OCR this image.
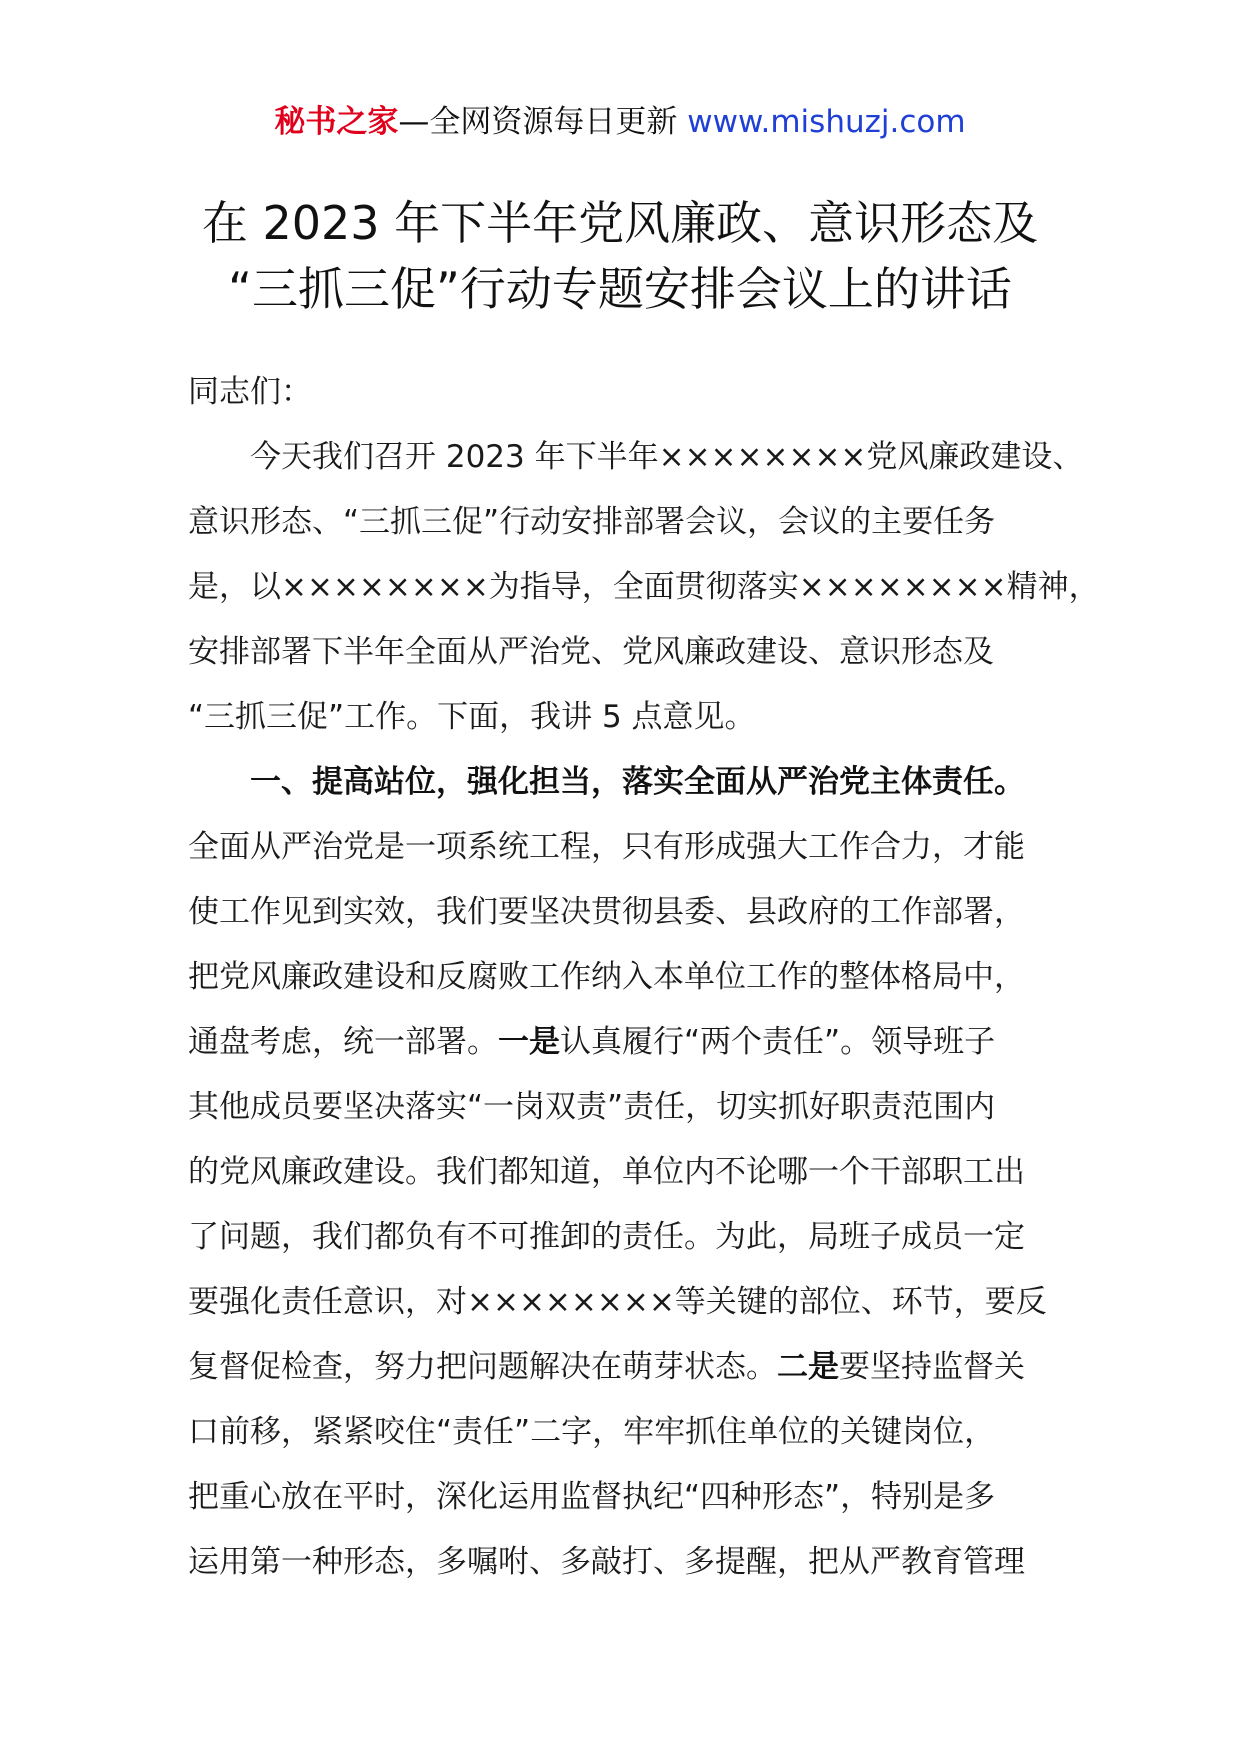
秘书之家—全网资源每日更新 www.mishuzj.com
在 2023 年下半年党风廉政、意识形态及
“三抓三促”行动专题安排会议上的讲话
同志们：
今天我们召开 2023 年下半年××××××××党风廉政建设、
意识形态、“三抓三促”行动安排部署会议，会议的主要任务
是，以××××××××为指导，全面贯彻落实××××××××精神，
安排部署下半年全面从严治党、党风廉政建设、意识形态及
“三抓三促”工作。下面，我讲 5 点意见。
一、提高站位，强化担当，落实全面从严治党主体责任。
全面从严治党是一项系统工程，只有形成强大工作合力，才能
使工作见到实效，我们要坚决贯彻县委、县政府的工作部署，
把党风廉政建设和反腐败工作纳入本单位工作的整体格局中，
通盘考虑，统一部署。一是认真履行“两个责任”。领导班子
其他成员要坚决落实“一岗双责”责任，切实抓好职责范围内
的党风廉政建设。我们都知道，单位内不论哪一个干部职工出
了问题，我们都负有不可推卸的责任。为此，局班子成员一定
要强化责任意识，对××××××××等关键的部位、环节，要反
复督促检查，努力把问题解决在萌芽状态。二是要坚持监督关
口前移，紧紧咬住“责任”二字，牢牢抓住单位的关键岗位，
把重心放在平时，深化运用监督执纪“四种形态”，特别是多
运用第一种形态，多嘱咐、多敲打、多提醒，把从严教育管理
